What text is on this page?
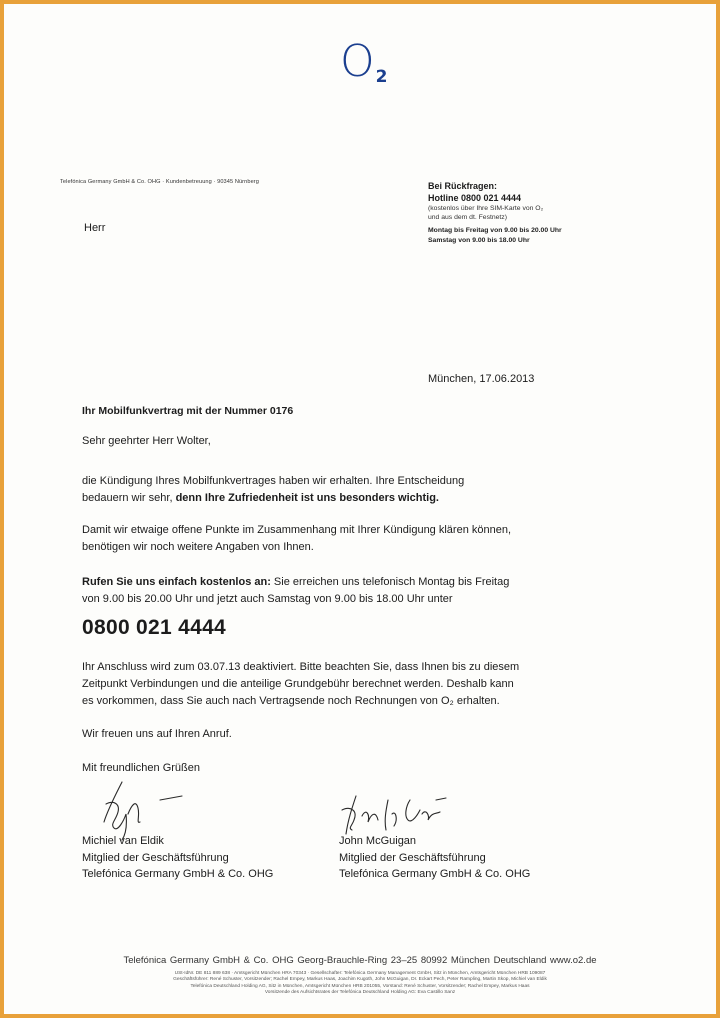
O2
Telefónica Germany GmbH & Co. OHG · Kundenbetreuung · 90345 Nürnberg
Herr
Bei Rückfragen:
Hotline 0800 021 4444
(kostenlos über Ihre SIM-Karte von O₂
und aus dem dt. Festnetz)
Montag bis Freitag von 9.00 bis 20.00 Uhr
Samstag von 9.00 bis 18.00 Uhr
München, 17.06.2013
Ihr Mobilfunkvertrag mit der Nummer 0176
Sehr geehrter Herr Wolter,
die Kündigung Ihres Mobilfunkvertrages haben wir erhalten. Ihre Entscheidung
bedauern wir sehr, denn Ihre Zufriedenheit ist uns besonders wichtig.
Damit wir etwaige offene Punkte im Zusammenhang mit Ihrer Kündigung klären können,
benötigen wir noch weitere Angaben von Ihnen.
Rufen Sie uns einfach kostenlos an: Sie erreichen uns telefonisch Montag bis Freitag
von 9.00 bis 20.00 Uhr und jetzt auch Samstag von 9.00 bis 18.00 Uhr unter
0800 021 4444
Ihr Anschluss wird zum 03.07.13 deaktiviert. Bitte beachten Sie, dass Ihnen bis zu diesem
Zeitpunkt Verbindungen und die anteilige Grundgebühr berechnet werden. Deshalb kann
es vorkommen, dass Sie auch nach Vertragsende noch Rechnungen von O₂ erhalten.
Wir freuen uns auf Ihren Anruf.
Mit freundlichen Grüßen
Michiel van Eldik
Mitglied der Geschäftsführung
Telefónica Germany GmbH & Co. OHG
John McGuigan
Mitglied der Geschäftsführung
Telefónica Germany GmbH & Co. OHG
Telefónica Germany GmbH & Co. OHG Georg-Brauchle-Ring 23–25 80992 München Deutschland www.o2.de
USt-IdNr. DE 811 889 638 · Amtsgericht München HRA 70343 · Gesellschafter: Telefónica Germany Management GmbH, Sitz in München, Amtsgericht München HRB 109087
Geschäftsführer: René Schuster, Vorsitzender; Rachel Empey, Markus Haas, Joachim Kugoth, John McGuigan, Dr. Eckart Pech, Peter Rampling, Martin Skop, Michiel van Eldik
Telefónica Deutschland Holding AG, Sitz in München, Amtsgericht München HRB 201055, Vorstand: René Schuster, Vorsitzender; Rachel Empey, Markus Haas
Vorsitzende des Aufsichtsrates der Telefónica Deutschland Holding AG: Eva Castillo Sanz
